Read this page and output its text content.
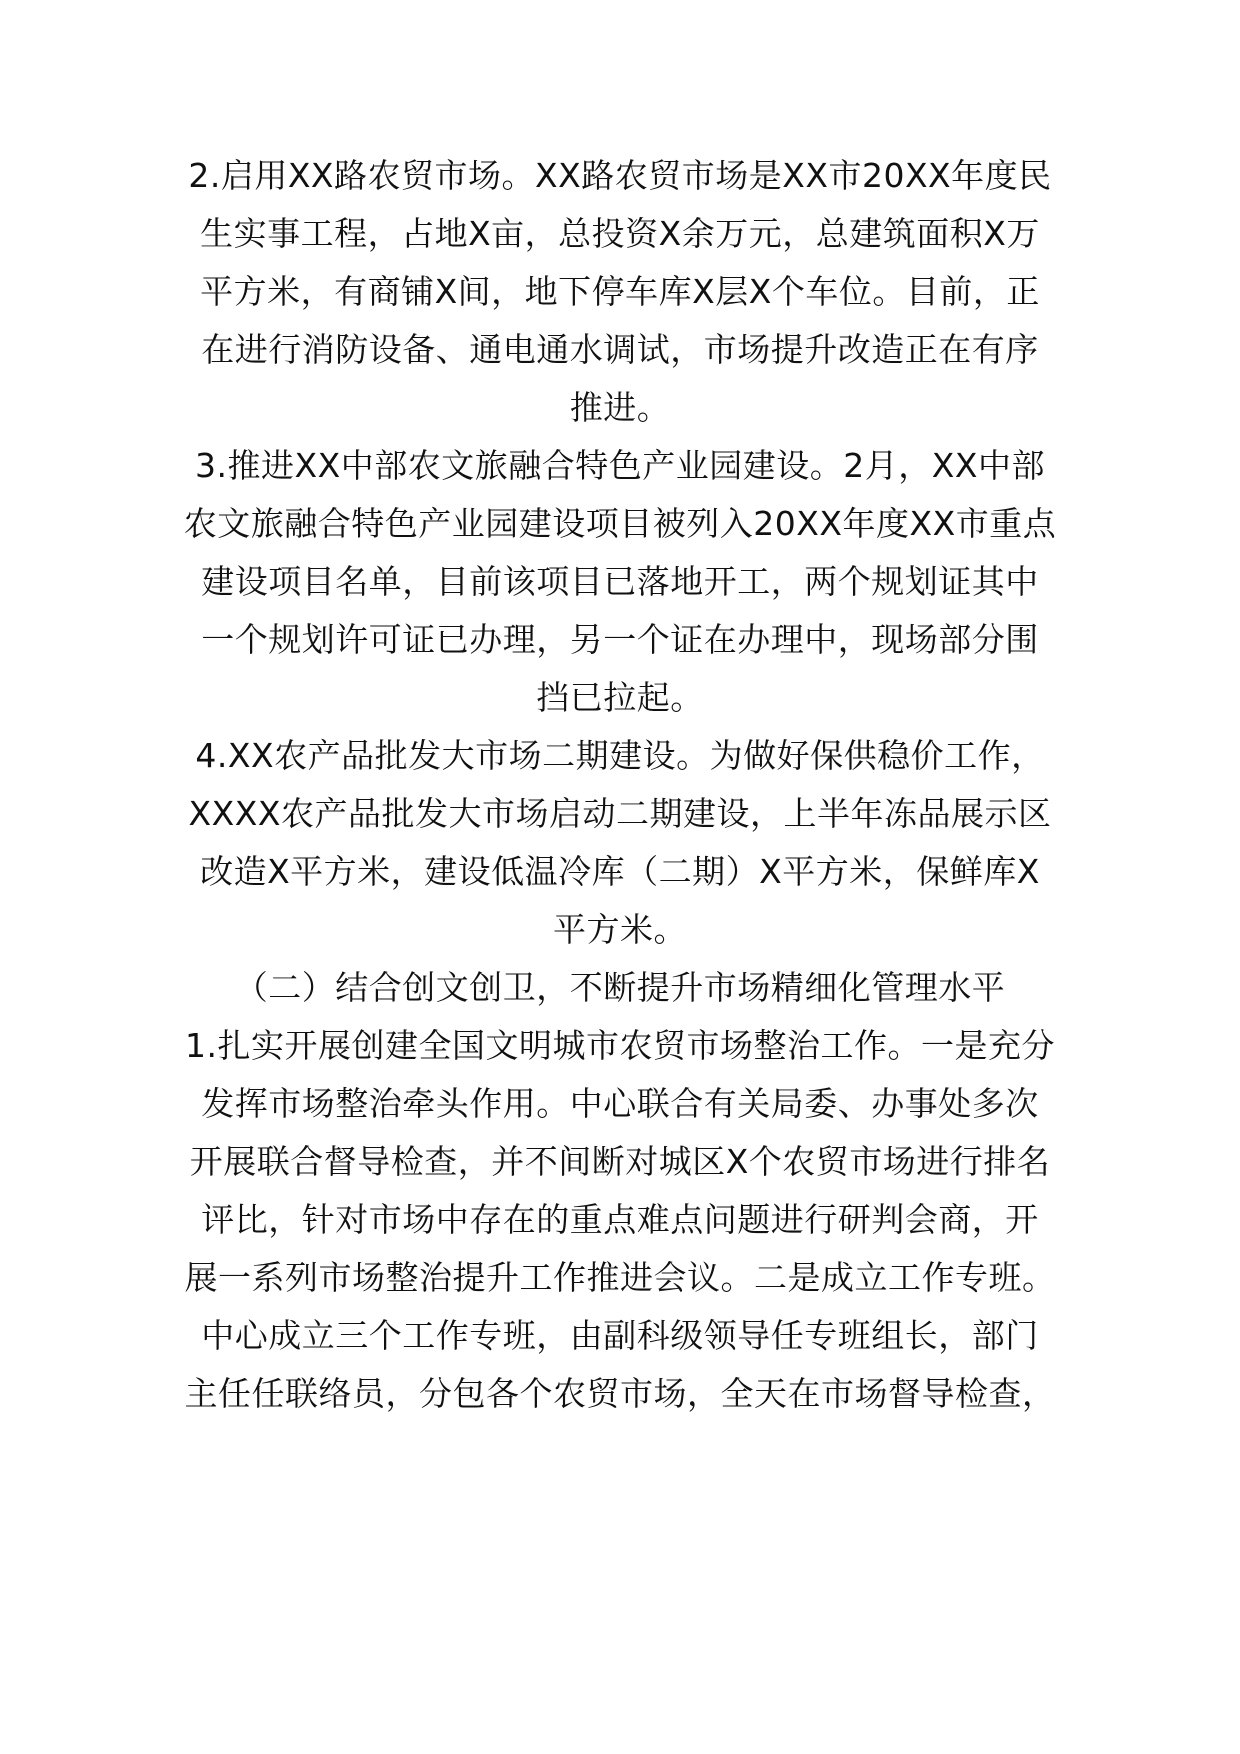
2.启用XX路农贸市场。XX路农贸市场是XX市20XX年度民
生实事工程，占地X亩，总投资X余万元，总建筑面积X万
平方米，有商铺X间，地下停车库X层X个车位。目前，正
在进行消防设备、通电通水调试，市场提升改造正在有序
推进。
3.推进XX中部农文旅融合特色产业园建设。2月，XX中部
农文旅融合特色产业园建设项目被列入20XX年度XX市重点
建设项目名单，目前该项目已落地开工，两个规划证其中
一个规划许可证已办理，另一个证在办理中，现场部分围
挡已拉起。
4.XX农产品批发大市场二期建设。为做好保供稳价工作，
XXXX农产品批发大市场启动二期建设，上半年冻品展示区
改造X平方米，建设低温冷库（二期）X平方米，保鲜库X
平方米。
（二）结合创文创卫，不断提升市场精细化管理水平
1.扎实开展创建全国文明城市农贸市场整治工作。一是充分
发挥市场整治牵头作用。中心联合有关局委、办事处多次
开展联合督导检查，并不间断对城区X个农贸市场进行排名
评比，针对市场中存在的重点难点问题进行研判会商，开
展一系列市场整治提升工作推进会议。二是成立工作专班。
中心成立三个工作专班，由副科级领导任专班组长，部门
主任任联络员，分包各个农贸市场，全天在市场督导检查，
